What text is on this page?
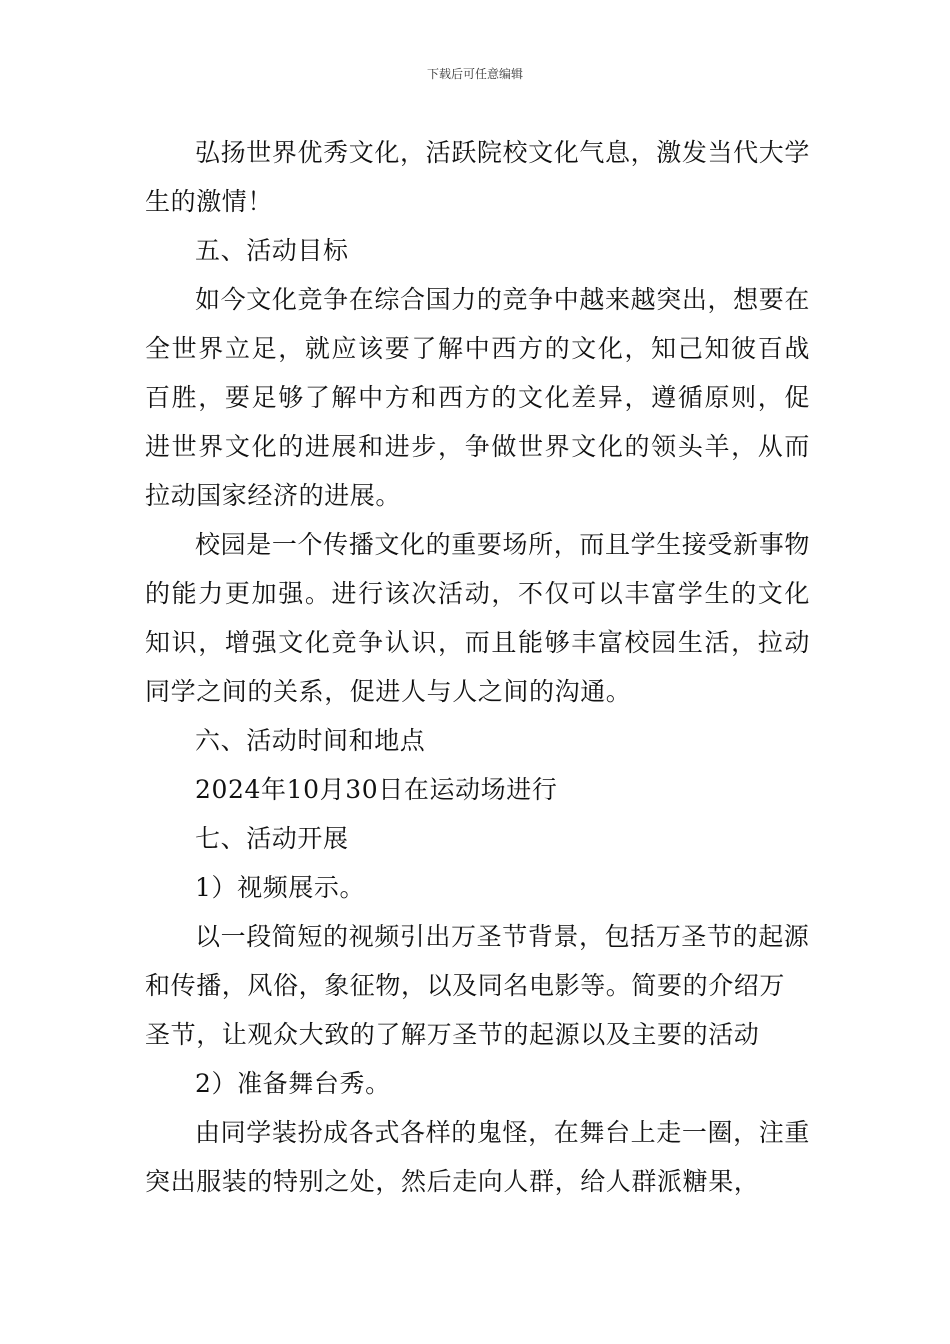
下载后可任意编辑

弘扬世界优秀文化，活跃院校文化气息，激发当代大学生的激情！

五、活动目标

如今文化竞争在综合国力的竞争中越来越突出，想要在全世界立足，就应该要了解中西方的文化，知己知彼百战百胜，要足够了解中方和西方的文化差异，遵循原则，促进世界文化的进展和进步，争做世界文化的领头羊，从而拉动国家经济的进展。

校园是一个传播文化的重要场所，而且学生接受新事物的能力更加强。进行该次活动，不仅可以丰富学生的文化知识，增强文化竞争认识，而且能够丰富校园生活，拉动同学之间的关系，促进人与人之间的沟通。

六、活动时间和地点

2024年10月30日在运动场进行

七、活动开展

1）视频展示。

以一段简短的视频引出万圣节背景，包括万圣节的起源和传播，风俗，象征物，以及同名电影等。简要的介绍万圣节，让观众大致的了解万圣节的起源以及主要的活动

2）准备舞台秀。

由同学装扮成各式各样的鬼怪，在舞台上走一圈，注重突出服装的特别之处，然后走向人群，给人群派糖果，
